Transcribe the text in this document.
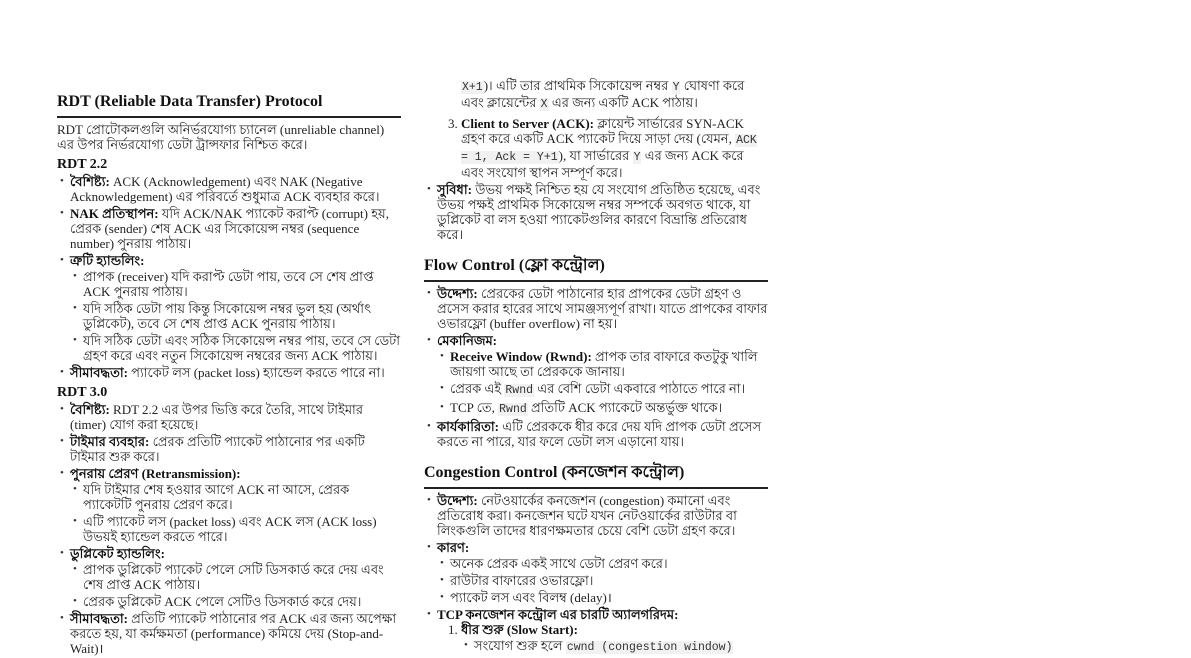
RDT (Reliable Data Transfer) Protocol

RDT প্রোটোকলগুলি অনির্ভরযোগ্য চ্যানেল (unreliable channel) এর উপর নির্ভরযোগ্য ডেটা ট্রান্সফার নিশ্চিত করে।

RDT 2.2
• বৈশিষ্ট্য: ACK (Acknowledgement) এবং NAK (Negative Acknowledgement) এর পরিবর্তে শুধুমাত্র ACK ব্যবহার করে।
• NAK প্রতিস্থাপন: যদি ACK/NAK প্যাকেট করাপ্ট (corrupt) হয়, প্রেরক (sender) শেষ ACK এর সিকোয়েন্স নম্বর (sequence number) পুনরায় পাঠায়।
• ত্রুটি হ্যান্ডলিং:
• প্রাপক (receiver) যদি করাপ্ট ডেটা পায়, তবে সে শেষ প্রাপ্ত ACK পুনরায় পাঠায়।
• যদি সঠিক ডেটা পায় কিন্তু সিকোয়েন্স নম্বর ভুল হয় (অর্থাৎ ডুপ্লিকেট), তবে সে শেষ প্রাপ্ত ACK পুনরায় পাঠায়।
• যদি সঠিক ডেটা এবং সঠিক সিকোয়েন্স নম্বর পায়, তবে সে ডেটা গ্রহণ করে এবং নতুন সিকোয়েন্স নম্বরের জন্য ACK পাঠায়।
• সীমাবদ্ধতা: প্যাকেট লস (packet loss) হ্যান্ডেল করতে পারে না।
RDT 3.0
• বৈশিষ্ট্য: RDT 2.2 এর উপর ভিত্তি করে তৈরি, সাথে টাইমার (timer) যোগ করা হয়েছে।
• টাইমার ব্যবহার: প্রেরক প্রতিটি প্যাকেট পাঠানোর পর একটি টাইমার শুরু করে।
• পুনরায় প্রেরণ (Retransmission):
• যদি টাইমার শেষ হওয়ার আগে ACK না আসে, প্রেরক প্যাকেটটি পুনরায় প্রেরণ করে।
• এটি প্যাকেট লস (packet loss) এবং ACK লস (ACK loss) উভয়ই হ্যান্ডেল করতে পারে।
• ডুপ্লিকেট হ্যান্ডলিং:
• প্রাপক ডুপ্লিকেট প্যাকেট পেলে সেটি ডিসকার্ড করে দেয় এবং শেষ প্রাপ্ত ACK পাঠায়।
• প্রেরক ডুপ্লিকেট ACK পেলে সেটিও ডিসকার্ড করে দেয়।
• সীমাবদ্ধতা: প্রতিটি প্যাকেট পাঠানোর পর ACK এর জন্য অপেক্ষা করতে হয়, যা কর্মক্ষমতা (performance) কমিয়ে দেয় (Stop-and-Wait)।
X+1)। এটি তার প্রাথমিক সিকোয়েন্স নম্বর Y ঘোষণা করে এবং ক্লায়েন্টের X এর জন্য একটি ACK পাঠায়।
3. Client to Server (ACK): ক্লায়েন্ট সার্ভারের SYN-ACK গ্রহণ করে একটি ACK প্যাকেট দিয়ে সাড়া দেয় (যেমন, ACK = 1, Ack = Y+1), যা সার্ভারের Y এর জন্য ACK করে এবং সংযোগ স্থাপন সম্পূর্ণ করে।
• সুবিধা: উভয় পক্ষই নিশ্চিত হয় যে সংযোগ প্রতিষ্ঠিত হয়েছে, এবং উভয় পক্ষই প্রাথমিক সিকোয়েন্স নম্বর সম্পর্কে অবগত থাকে, যা ডুপ্লিকেট বা লস হওয়া প্যাকেটগুলির কারণে বিভ্রান্তি প্রতিরোধ করে।
Flow Control (ফ্লো কন্ট্রোল)
• উদ্দেশ্য: প্রেরকের ডেটা পাঠানোর হার প্রাপকের ডেটা গ্রহণ ও প্রসেস করার হারের সাথে সামঞ্জস্যপূর্ণ রাখা। যাতে প্রাপকের বাফার ওভারফ্লো (buffer overflow) না হয়।
• মেকানিজম:
• Receive Window (Rwnd): প্রাপক তার বাফারে কতটুকু খালি জায়গা আছে তা প্রেরককে জানায়।
• প্রেরক এই Rwnd এর বেশি ডেটা একবারে পাঠাতে পারে না।
• TCP তে, Rwnd প্রতিটি ACK প্যাকেটে অন্তর্ভুক্ত থাকে।
• কার্যকারিতা: এটি প্রেরককে ধীর করে দেয় যদি প্রাপক ডেটা প্রসেস করতে না পারে, যার ফলে ডেটা লস এড়ানো যায়।
Congestion Control (কনজেশন কন্ট্রোল)
• উদ্দেশ্য: নেটওয়ার্কের কনজেশন (congestion) কমানো এবং প্রতিরোধ করা। কনজেশন ঘটে যখন নেটওয়ার্কের রাউটার বা লিংকগুলি তাদের ধারণক্ষমতার চেয়ে বেশি ডেটা গ্রহণ করে।
• কারণ:
• অনেক প্রেরক একই সাথে ডেটা প্রেরণ করে।
• রাউটার বাফারের ওভারফ্লো।
• প্যাকেট লস এবং বিলম্ব (delay)।
• TCP কনজেশন কন্ট্রোল এর চারটি অ্যালগরিদম:
1. ধীর শুরু (Slow Start):
• সংযোগ শুরু হলে cwnd (congestion window)
